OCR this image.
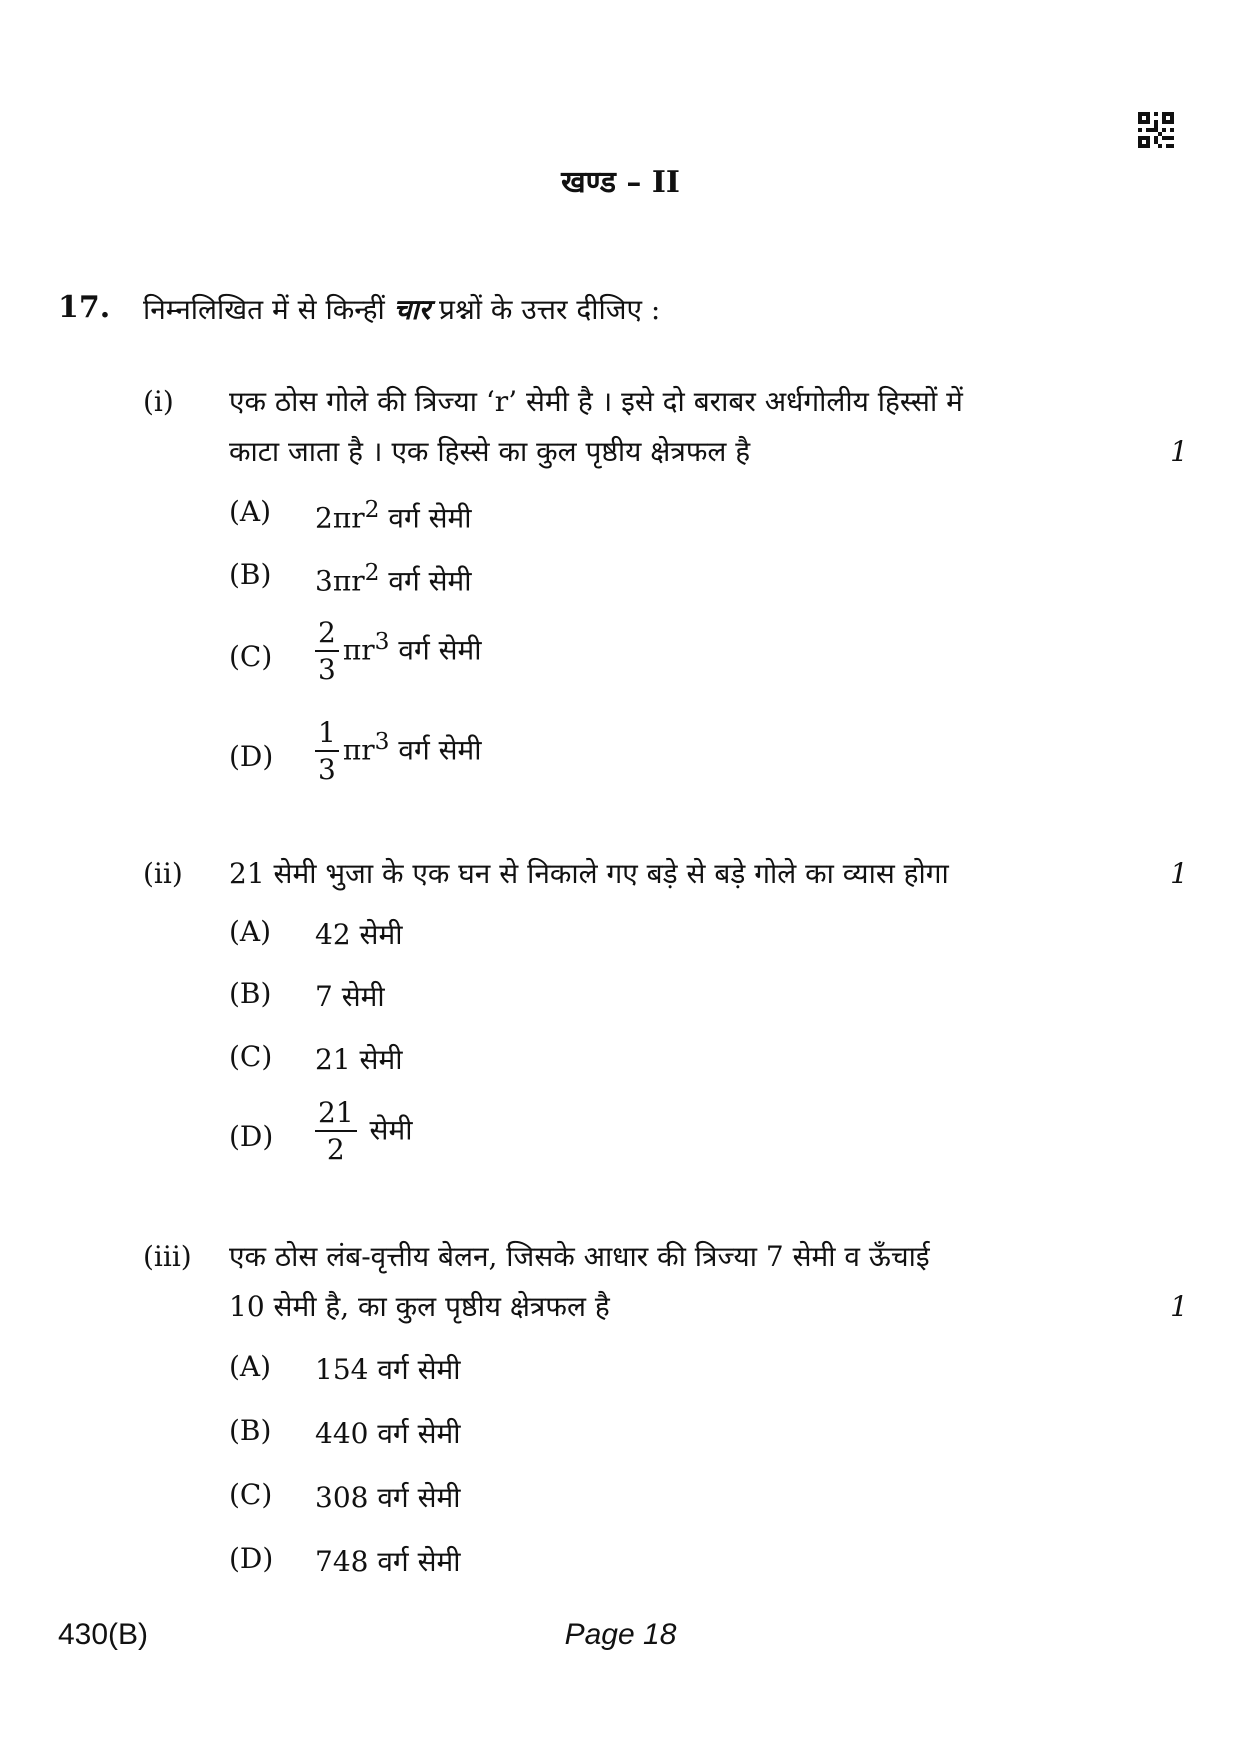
खण्ड – II
17. निम्नलिखित में से किन्हीं चार प्रश्नों के उत्तर दीजिए :
(i) एक ठोस गोले की त्रिज्या ‘r’ सेमी है । इसे दो बराबर अर्धगोलीय हिस्सों में
काटा जाता है । एक हिस्से का कुल पृष्ठीय क्षेत्रफल है	1
(A) $2\pi r^2$ वर्ग सेमी
(B) $3\pi r^2$ वर्ग सेमी
$(C) \frac{2}{3} \pi r^3$ वर्ग सेमी
$(D) \frac{1}{3} \pi r^3$ वर्ग सेमी
(ii) 21 सेमी भुजा के एक घन से निकाले गए बड़े से बड़े गोले का व्यास होगा	1
(A) 42 सेमी
(B) 7 सेमी
(C) 21 सेमी
$(D) \frac{21}{2}$ सेमी
(iii) एक ठोस लंब-वृत्तीय बेलन, जिसके आधार की त्रिज्या 7 सेमी व ऊँचाई
10 सेमी है, का कुल पृष्ठीय क्षेत्रफल है	1
(A) 154 वर्ग सेमी
(B) 440 वर्ग सेमी
(C) 308 वर्ग सेमी
(D) 748 वर्ग सेमी
430(B)	Page 18
